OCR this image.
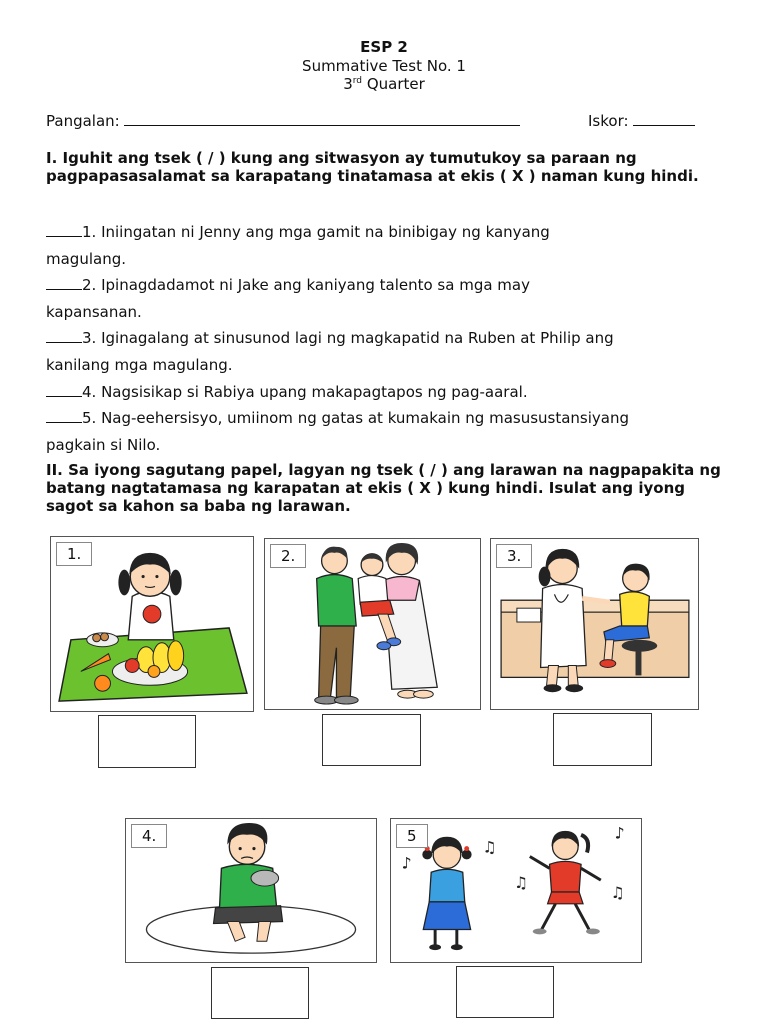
ESP 2
Summative Test No. 1
3rd Quarter
Pangalan:	Iskor:
I. Iguhit ang tsek ( / ) kung ang sitwasyon ay tumutukoy sa paraan ng pagpapasasalamat sa karapatang tinatamasa at ekis ( X ) naman kung hindi.
1. Iniingatan ni Jenny ang mga gamit na binibigay ng kanyang
magulang.
2. Ipinagdadamot ni Jake ang kaniyang talento sa mga may
kapansanan.
3. Iginagalang at sinusunod lagi ng magkapatid na Ruben at Philip ang
kanilang mga magulang.
4. Nagsisikap si Rabiya upang makapagtapos ng pag-aaral.
5. Nag-eehersisyo, umiinom ng gatas at kumakain ng masusustansiyang
pagkain si Nilo.
II. Sa iyong sagutang papel, lagyan ng tsek ( / ) ang larawan na nagpapakita ng batang nagtatamasa ng karapatan at ekis ( X ) kung hindi. Isulat ang iyong sagot sa kahon sa baba ng larawan.
1.	2.	3.
4.
♪
♫
♫
♪
♫
5
